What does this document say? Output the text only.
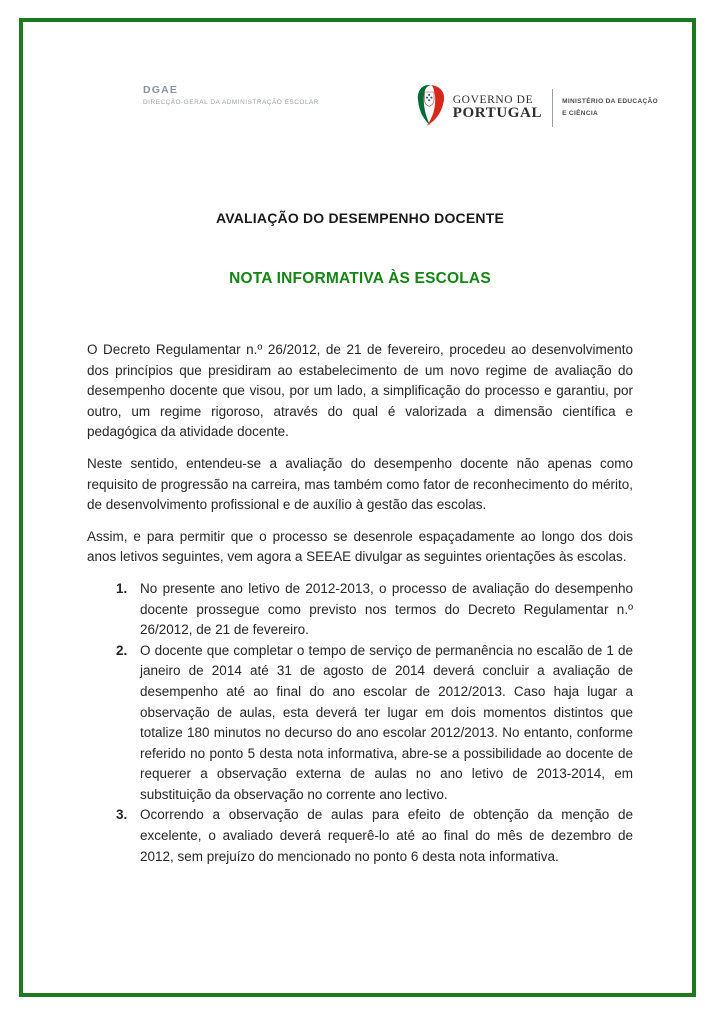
DGAE
DIRECÇÃO-GERAL DA ADMINISTRAÇÃO ESCOLAR	GOVERNO DE
PORTUGAL
MINISTÉRIO DA EDUCAÇÃO
E CIÊNCIA
AVALIAÇÃO DO DESEMPENHO DOCENTE
NOTA INFORMATIVA ÀS ESCOLAS

O Decreto Regulamentar n.º 26/2012, de 21 de fevereiro, procedeu ao desenvolvimento dos princípios que presidiram ao estabelecimento de um novo regime de avaliação do desempenho docente que visou, por um lado, a simplificação do processo e garantiu, por outro, um regime rigoroso, através do qual é valorizada a dimensão científica e pedagógica da atividade docente.

Neste sentido, entendeu-se a avaliação do desempenho docente não apenas como requisito de progressão na carreira, mas também como fator de reconhecimento do mérito, de desenvolvimento profissional e de auxílio à gestão das escolas.

Assim, e para permitir que o processo se desenrole espaçadamente ao longo dos dois anos letivos seguintes, vem agora a SEEAE divulgar as seguintes orientações às escolas.

1. No presente ano letivo de 2012-2013, o processo de avaliação do desempenho docente prossegue como previsto nos termos do Decreto Regulamentar n.º 26/2012, de 21 de fevereiro.
2. O docente que completar o tempo de serviço de permanência no escalão de 1 de janeiro de 2014 até 31 de agosto de 2014 deverá concluir a avaliação de desempenho até ao final do ano escolar de 2012/2013. Caso haja lugar a observação de aulas, esta deverá ter lugar em dois momentos distintos que totalize 180 minutos no decurso do ano escolar 2012/2013. No entanto, conforme referido no ponto 5 desta nota informativa, abre-se a possibilidade ao docente de requerer a observação externa de aulas no ano letivo de 2013-2014, em substituição da observação no corrente ano lectivo.
3. Ocorrendo a observação de aulas para efeito de obtenção da menção de excelente, o avaliado deverá requerê-lo até ao final do mês de dezembro de 2012, sem prejuízo do mencionado no ponto 6 desta nota informativa.
